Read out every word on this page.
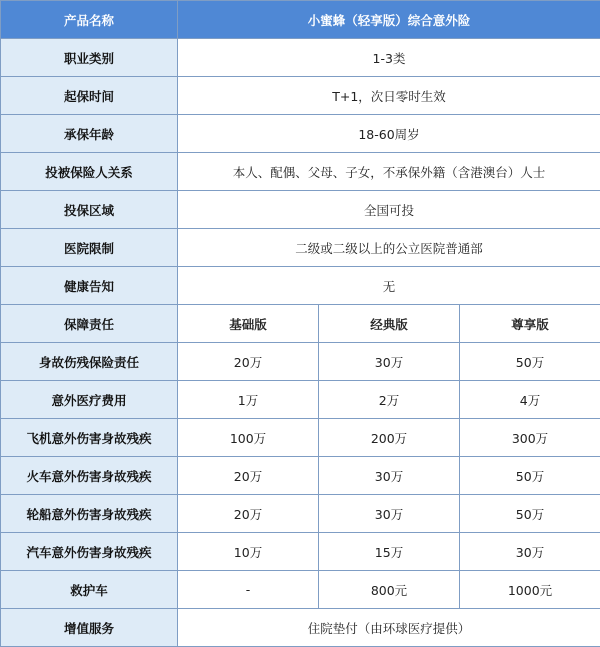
产品名称	小蜜蜂（轻享版）综合意外险		
职业类别	1-3类		
起保时间	T+1，次日零时生效		
承保年龄	18-60周岁		
投被保险人关系	本人、配偶、父母、子女，不承保外籍（含港澳台）人士		
投保区域	全国可投		
医院限制	二级或二级以上的公立医院普通部		
健康告知	无		
保障责任	基础版	经典版	尊享版
身故伤残保险责任	20万	30万	50万
意外医疗费用	1万	2万	4万
飞机意外伤害身故残疾	100万	200万	300万
火车意外伤害身故残疾	20万	30万	50万
轮船意外伤害身故残疾	20万	30万	50万
汽车意外伤害身故残疾	10万	15万	30万
救护车	-	800元	1000元
增值服务	住院垫付（由环球医疗提供）		
